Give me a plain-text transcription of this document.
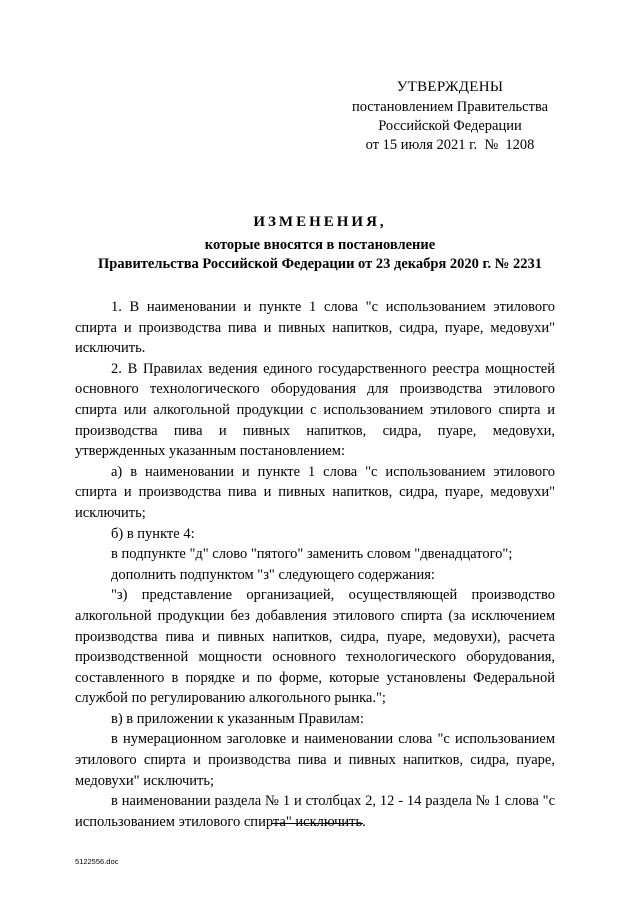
УТВЕРЖДЕНЫ
постановлением Правительства
Российской Федерации
от 15 июля 2021 г.  №  1208
ИЗМЕНЕНИЯ,
которые вносятся в постановление
Правительства Российской Федерации от 23 декабря 2020 г. № 2231

1. В наименовании и пункте 1 слова "с использованием этилового спирта и производства пива и пивных напитков, сидра, пуаре, медовухи" исключить.

2. В Правилах ведения единого государственного реестра мощностей основного технологического оборудования для производства этилового спирта или алкогольной продукции с использованием этилового спирта и производства пива и пивных напитков, сидра, пуаре, медовухи, утвержденных указанным постановлением:

а) в наименовании и пункте 1 слова "с использованием этилового спирта и производства пива и пивных напитков, сидра, пуаре, медовухи" исключить;

б) в пункте 4:

в подпункте "д" слово "пятого" заменить словом "двенадцатого";

дополнить подпунктом "з" следующего содержания:

"з) представление организацией, осуществляющей производство алкогольной продукции без добавления этилового спирта (за исключением производства пива и пивных напитков, сидра, пуаре, медовухи), расчета производственной мощности основного технологического оборудования, составленного в порядке и по форме, которые установлены Федеральной службой по регулированию алкогольного рынка.";

в) в приложении к указанным Правилам:

в нумерационном заголовке и наименовании слова "с использованием этилового спирта и производства пива и пивных напитков, сидра, пуаре, медовухи" исключить;

в наименовании раздела № 1 и столбцах 2, 12 - 14 раздела № 1 слова "с использованием этилового спирта" исключить.

5122556.doc
